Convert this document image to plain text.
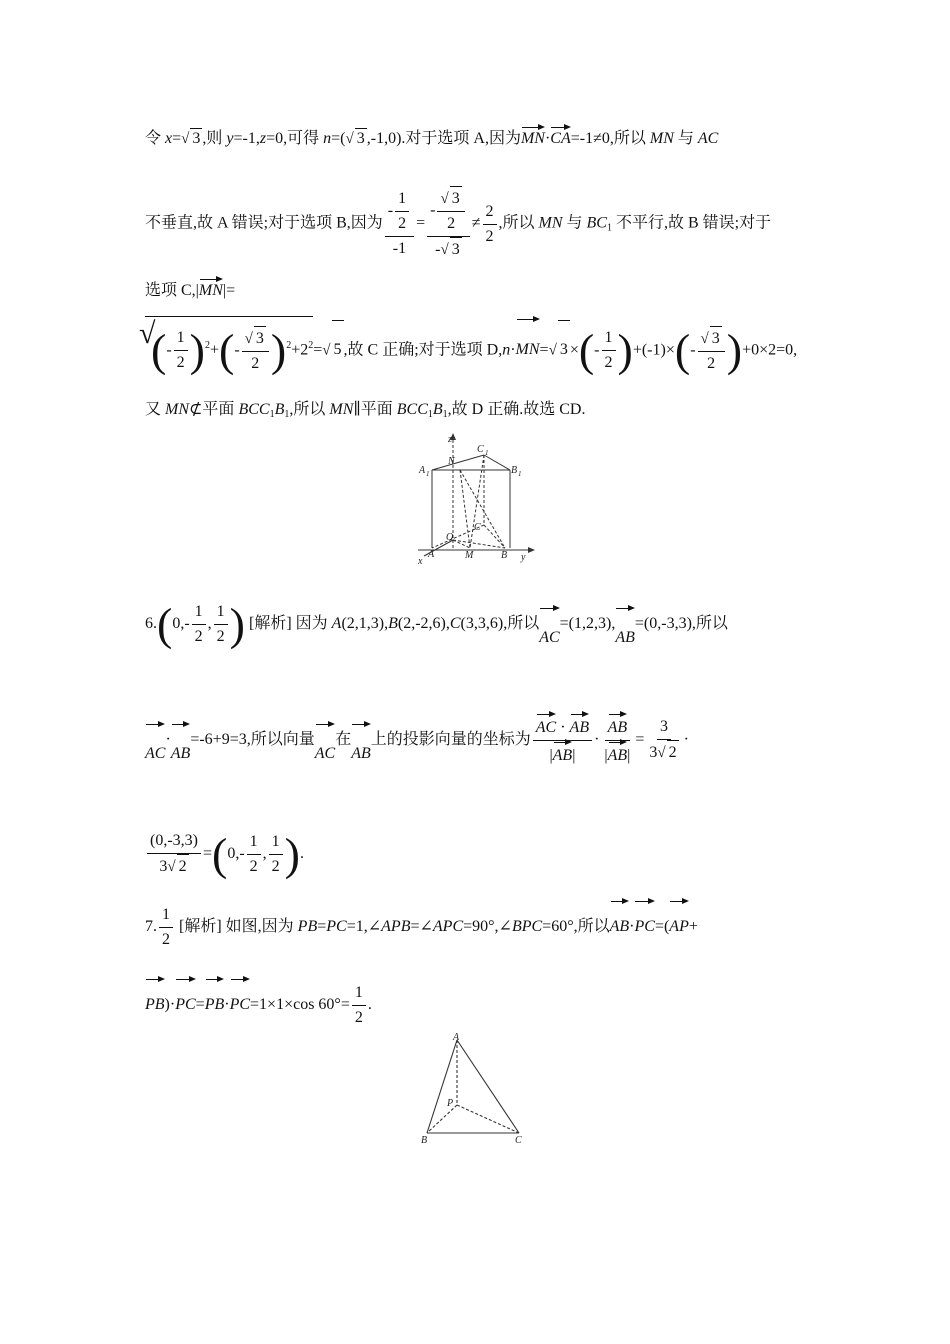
令 x=√ 3 ,则 y=-1,z=0,可得 n=(√ 3 ,-1,0).对于选项 A,因为MN·CA=-1≠0,所以 MN 与 AC
不垂直,故 A 错误;对于选项 B,因为 $\frac{- \frac{1}{2}}{-1} = \frac{- \frac{√ 3}{2}}{-√ 3} \ne \frac{2}{2}$ ,所以 MN 与 $BC_1$ 不平行,故 B 错误;对于
选项 C,|MN|=
√
(- $\frac{1}{2} )^2+(- \frac{√ 3}{2} )^2+2^2=√$ 5 ,故 C 正确;对于选项 D,n·MN=√ 3 ×(- $\frac{1}{2} )+(-1)\times(- \frac{√ 3}{2} )+0\times 2=0$,
又 MN⊄平面 $BCC_1B_1$,所以 MN∥平面 $BCC_1B_1$,故 D 正确.故选 CD.
z
C 1
N
A 1	B 1
C
O
x
A	M	B y
$6.(0,- \frac{1}{2}$ , $\frac{1}{2}$ ) [解析] 因为 A(2,1,3),B(2,-2,6),C(3,3,6),所以AC=(1,2,3),AB=(0,-3,3),所以
AC·AB=-6+9=3,所以向量AC在AB上的投影向量的坐标为 $\frac{AC \cdot AB}{|AB|} \cdot \frac{AB}{|AB|} = \frac{3}{3√ 2}$ ·
$\frac{(0,-3,3)}{3√ 2} =(0,- \frac{1}{2}$ , $\frac{1}{2}$ ).
7. $\frac{1}{2}$ [解析] 如图,因为 PB=PC=1,∠APB=∠APC=90°,∠BPC=60°,所以AB·PC=(AP+
PB)·PC=PB·PC=1×1×cos $60^\circ= \frac{1}{2}$ .
A
P
B	C
